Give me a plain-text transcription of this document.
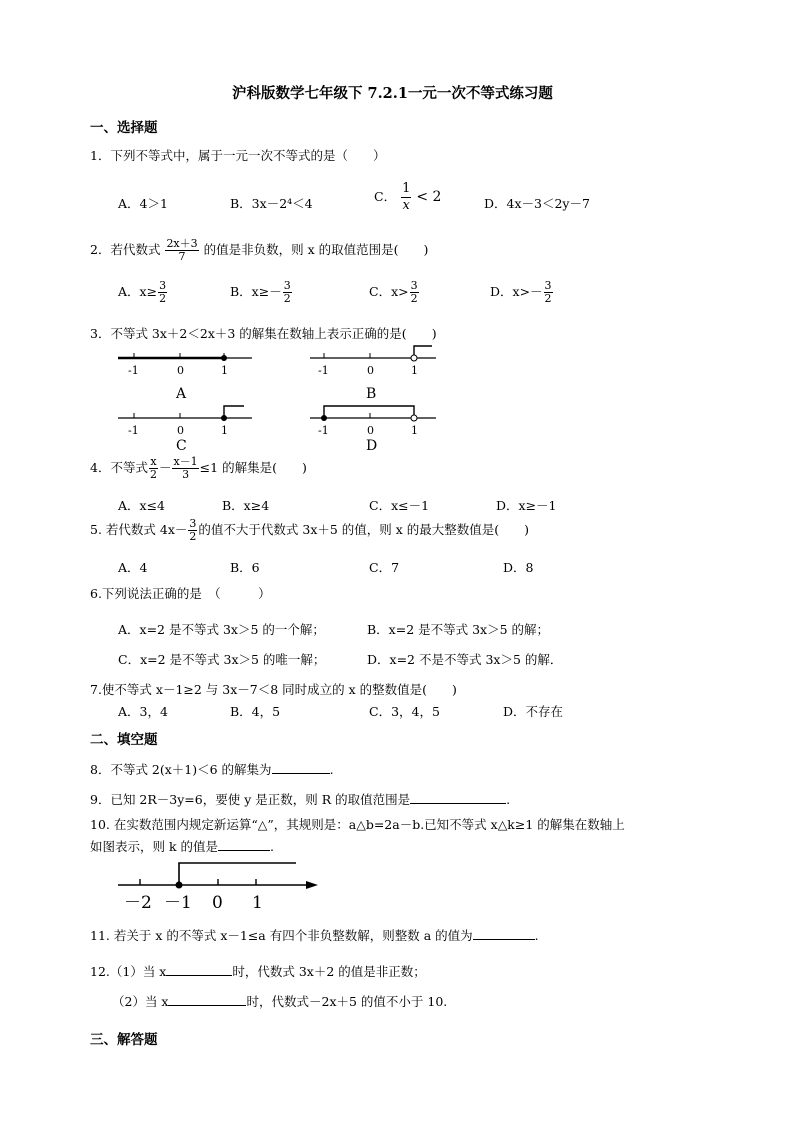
沪科版数学七年级下 7.2.1一元一次不等式练习题
一、选择题
1．下列不等式中，属于一元一次不等式的是（　　）
A．4＞1	B．3x－2⁴＜4	C． $\frac{1}{x} < 2$	D．4x－3＜2y－7
2．若代数式 $\frac{2x+3}{7}$ 的值是非负数，则 x 的取值范围是(　　)
A．$x\ge \frac{3}{2}$	B．$x\ge- \frac{3}{2}$	C．$x> \frac{3}{2}$	D．$x>- \frac{3}{2}$
3．不等式 3x＋2＜2x＋3 的解集在数轴上表示正确的是(　　)
-1	0	1
A
-1	0	1
B
-1	0	1
C
-1	0	1
D
4．不等式 $\frac{x}{2} - \frac{x-1}{3} \le 1$ 的解集是(　　)
A．x≤4	B．x≥4	C．x≤－1	D．x≥－1
5. 若代数式 $4x- \frac{3}{2}$ 的值不大于代数式 3x＋5 的值，则 x 的最大整数值是(　　)
A．4	B．6	C．7	D．8
6.下列说法正确的是　（　　　）
A．x=2 是不等式 3x＞5 的一个解；	B．x=2 是不等式 3x＞5 的解；
C．x=2 是不等式 3x＞5 的唯一解；	D．x=2 不是不等式 3x＞5 的解．
7.使不等式 x－1≥2 与 3x－7＜8 同时成立的 x 的整数值是(　　)
A．3，4	B．4，5	C．3，4，5	D．不存在
二、填空题
8．不等式 2(x＋1)＜6 的解集为	.
9．已知 2R－3y=6，要使 y 是正数，则 R 的取值范围是	.
10. 在实数范围内规定新运算“△”，其规则是：a△b=2a－b.已知不等式 x△k≥1 的解集在数轴上
如图表示，则 k 的值是	.
－2 －1 0 1
11. 若关于 x 的不等式 x－1≤a 有四个非负整数解，则整数 a 的值为	.
12.（1）当 x	时，代数式 3x＋2 的值是非正数；
（2）当 x	时，代数式－2x＋5 的值不小于 10.
三、解答题
